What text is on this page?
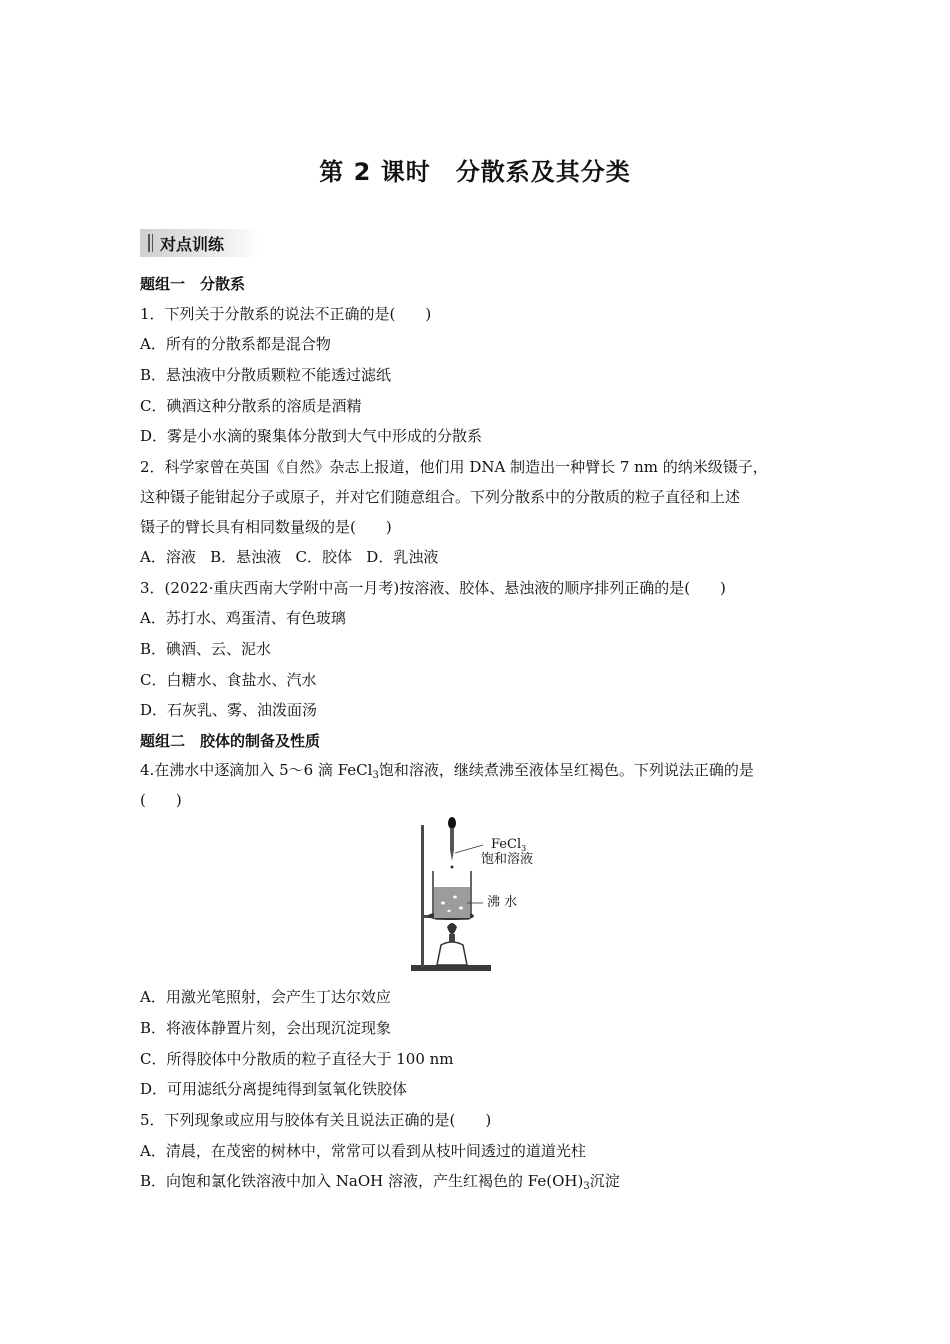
第 2 课时　分散系及其分类
对点训练
题组一　分散系
1．下列关于分散系的说法不正确的是(　　)
A．所有的分散系都是混合物
B．悬浊液中分散质颗粒不能透过滤纸
C．碘酒这种分散系的溶质是酒精
D．雾是小水滴的聚集体分散到大气中形成的分散系
2．科学家曾在英国《自然》杂志上报道，他们用 DNA 制造出一种臂长 7 nm 的纳米级镊子，
这种镊子能钳起分子或原子，并对它们随意组合。下列分散系中的分散质的粒子直径和上述
镊子的臂长具有相同数量级的是(　　)
A．溶液 B．悬浊液 C．胶体 D．乳浊液
3．(2022·重庆西南大学附中高一月考)按溶液、胶体、悬浊液的顺序排列正确的是(　　)
A．苏打水、鸡蛋清、有色玻璃
B．碘酒、云、泥水
C．白糖水、食盐水、汽水
D．石灰乳、雾、油泼面汤
题组二　胶体的制备及性质
4.在沸水中逐滴加入 5～6 滴 FeCl$_3$饱和溶液，继续煮沸至液体呈红褐色。下列说法正确的是
(　　)
FeCl$_3$
饱和溶液
沸 水
A．用激光笔照射，会产生丁达尔效应
B．将液体静置片刻，会出现沉淀现象
C．所得胶体中分散质的粒子直径大于 100 nm
D．可用滤纸分离提纯得到氢氧化铁胶体
5．下列现象或应用与胶体有关且说法正确的是(　　)
A．清晨，在茂密的树林中，常常可以看到从枝叶间透过的道道光柱
B．向饱和氯化铁溶液中加入 NaOH 溶液，产生红褐色的 $Fe(OH)_3$沉淀
